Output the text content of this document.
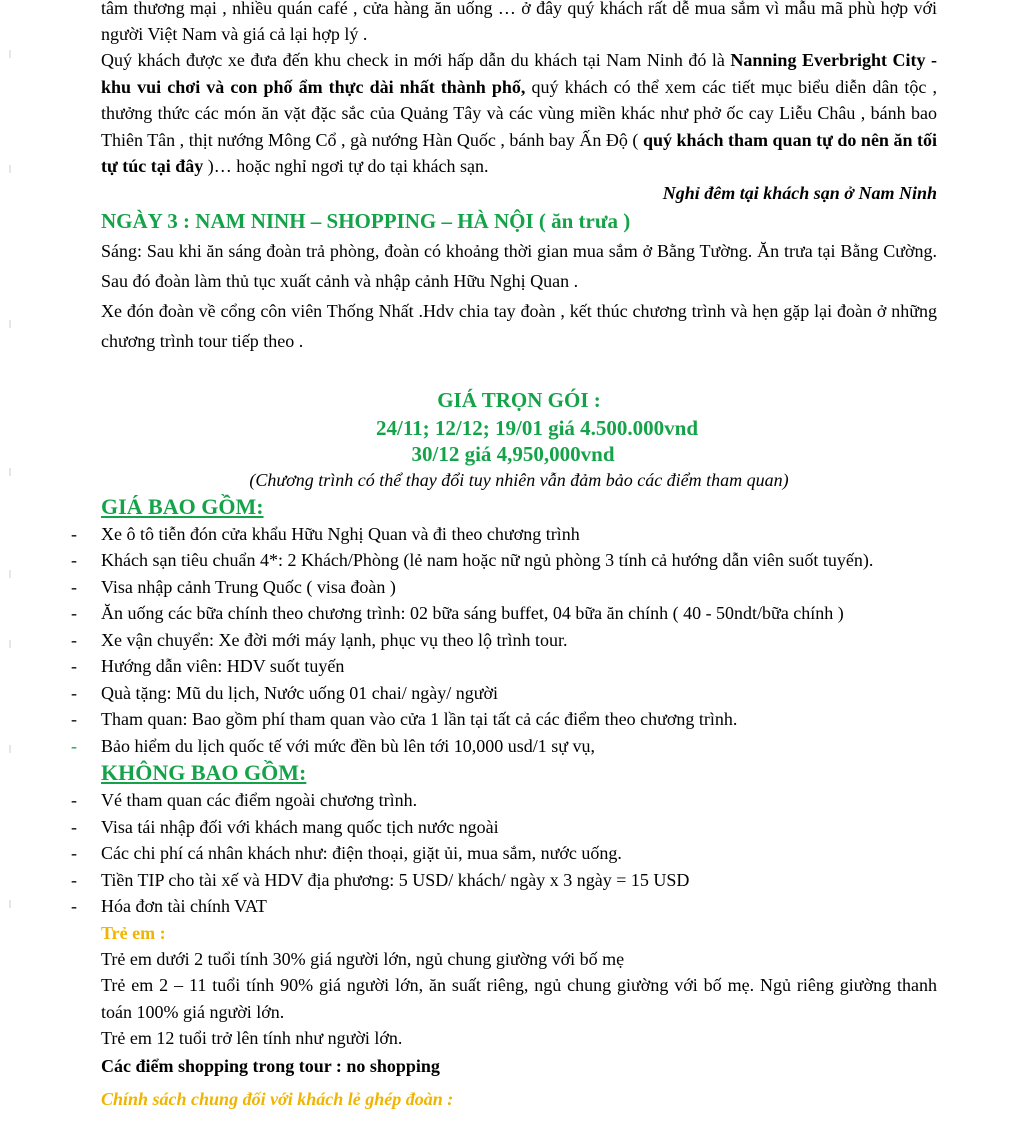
tâm thương mại , nhiều quán café , cửa hàng ăn uống … ở đây quý khách rất dễ mua sắm vì mẫu mã phù hợp với người Việt Nam và giá cả lại hợp lý .

Quý khách được xe đưa đến khu check in mới hấp dẫn du khách tại Nam Ninh đó là Nanning Everbright City - khu vui chơi và con phố ẩm thực dài nhất thành phố, quý khách có thể xem các tiết mục biểu diễn dân tộc , thưởng thức các món ăn vặt đặc sắc của Quảng Tây và các vùng miền khác như phở ốc cay Liễu Châu , bánh bao Thiên Tân , thịt nướng Mông Cổ , gà nướng Hàn Quốc , bánh bay Ấn Độ ( quý khách tham quan tự do nên ăn tối tự túc tại đây )… hoặc nghỉ ngơi tự do tại khách sạn.

Nghỉ đêm tại khách sạn ở Nam Ninh

NGÀY 3 : NAM NINH – SHOPPING – HÀ NỘI ( ăn trưa )

Sáng: Sau khi ăn sáng đoàn trả phòng, đoàn có khoảng thời gian mua sắm ở Bằng Tường. Ăn trưa tại Bằng Cường. Sau đó đoàn làm thủ tục xuất cảnh và nhập cảnh Hữu Nghị Quan .

Xe đón đoàn về cổng côn viên Thống Nhất .Hdv chia tay đoàn , kết thúc chương trình và hẹn gặp lại đoàn ở những chương trình tour tiếp theo .

GIÁ TRỌN GÓI :

24/11; 12/12; 19/01 giá 4.500.000vnd

30/12 giá 4,950,000vnd

(Chương trình có thể thay đổi tuy nhiên vẫn đảm bảo các điểm tham quan)

GIÁ BAO GỒM:

- Xe ô tô tiễn đón cửa khẩu Hữu Nghị Quan và đi theo chương trình
- Khách sạn tiêu chuẩn 4*: 2 Khách/Phòng (lẻ nam hoặc nữ ngủ phòng 3 tính cả hướng dẫn viên suốt tuyến).
- Visa nhập cảnh Trung Quốc ( visa đoàn )
- Ăn uống các bữa chính theo chương trình: 02 bữa sáng buffet, 04 bữa ăn chính ( 40 - 50ndt/bữa chính )
- Xe vận chuyển: Xe đời mới máy lạnh, phục vụ theo lộ trình tour.
- Hướng dẫn viên: HDV suốt tuyến
- Quà tặng: Mũ du lịch, Nước uống 01 chai/ ngày/ người
- Tham quan: Bao gồm phí tham quan vào cửa 1 lần tại tất cả các điểm theo chương trình.
- Bảo hiểm du lịch quốc tế với mức đền bù lên tới 10,000 usd/1 sự vụ,

KHÔNG BAO GỒM:

- Vé tham quan các điểm ngoài chương trình.
- Visa tái nhập đối với khách mang quốc tịch nước ngoài
- Các chi phí cá nhân khách như: điện thoại, giặt ủi, mua sắm, nước uống.
- Tiền TIP cho tài xế và HDV địa phương: 5 USD/ khách/ ngày x 3 ngày = 15 USD
- Hóa đơn tài chính VAT

Trẻ em :

Trẻ em dưới 2 tuổi tính 30% giá người lớn, ngủ chung giường với bố mẹ

Trẻ em 2 – 11 tuổi tính 90% giá người lớn, ăn suất riêng, ngủ chung giường với bố mẹ. Ngủ riêng giường thanh toán 100% giá người lớn.

Trẻ em 12 tuổi trở lên tính như người lớn.

Các điểm shopping trong tour : no shopping

Chính sách chung đối với khách lẻ ghép đoàn :
